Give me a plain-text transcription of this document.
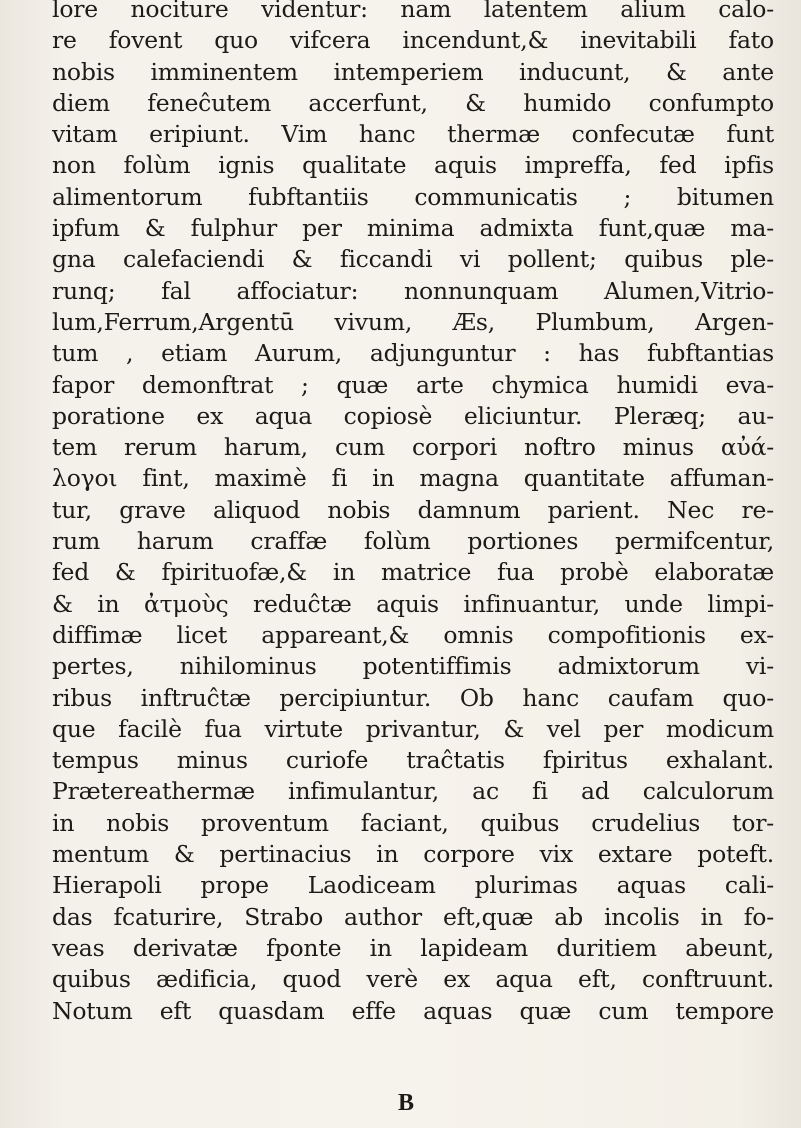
lore nociture videntur: nam latentem alium calo-
re fovent quo vifcera incendunt,& inevitabili fato
nobis imminentem intemperiem inducunt, & ante
diem feneĉutem accerfunt, & humido confumpto
vitam eripiunt. Vim hanc thermæ confecutæ funt
non folùm ignis qualitate aquis impreffa, fed ipfis
alimentorum fubftantiis communicatis ; bitumen
ipfum & fulphur per minima admixta funt,quæ ma-
gna calefaciendi & ficcandi vi pollent; quibus ple-
runq; fal affociatur: nonnunquam Alumen,Vitrio-
lum,Ferrum,Argentū vivum, Æs, Plumbum, Argen-
tum , etiam Aurum, adjunguntur : has fubftantias
fapor demonftrat ; quæ arte chymica humidi eva-
poratione ex aqua copiosè eliciuntur. Pleræq; au-
tem rerum harum, cum corpori noftro minus αὐά-
λογοι fint, maximè fi in magna quantitate affuman-
tur, grave aliquod nobis damnum parient. Nec re-
rum harum craffæ folùm portiones permifcentur,
fed & fpirituofæ,& in matrice fua probè elaboratæ
& in ἀτμοὺς reduĉtæ aquis infinuantur, unde limpi-
diffimæ licet appareant,& omnis compofitionis ex-
pertes, nihilominus potentiffimis admixtorum vi-
ribus inftruĉtæ percipiuntur. Ob hanc caufam quo-
que facilè fua virtute privantur, & vel per modicum
tempus minus curiofe traĉtatis fpiritus exhalant.
Prætereathermæ infimulantur, ac fi ad calculorum
in nobis proventum faciant, quibus crudelius tor-
mentum & pertinacius in corpore vix extare poteft.
Hierapoli prope Laodiceam plurimas aquas cali-
das fcaturire, Strabo author eft,quæ ab incolis in fo-
veas derivatæ fponte in lapideam duritiem abeunt,
quibus ædificia, quod verè ex aqua eft, conftruunt.
Notum eft quasdam effe aquas quæ cum tempore
B
